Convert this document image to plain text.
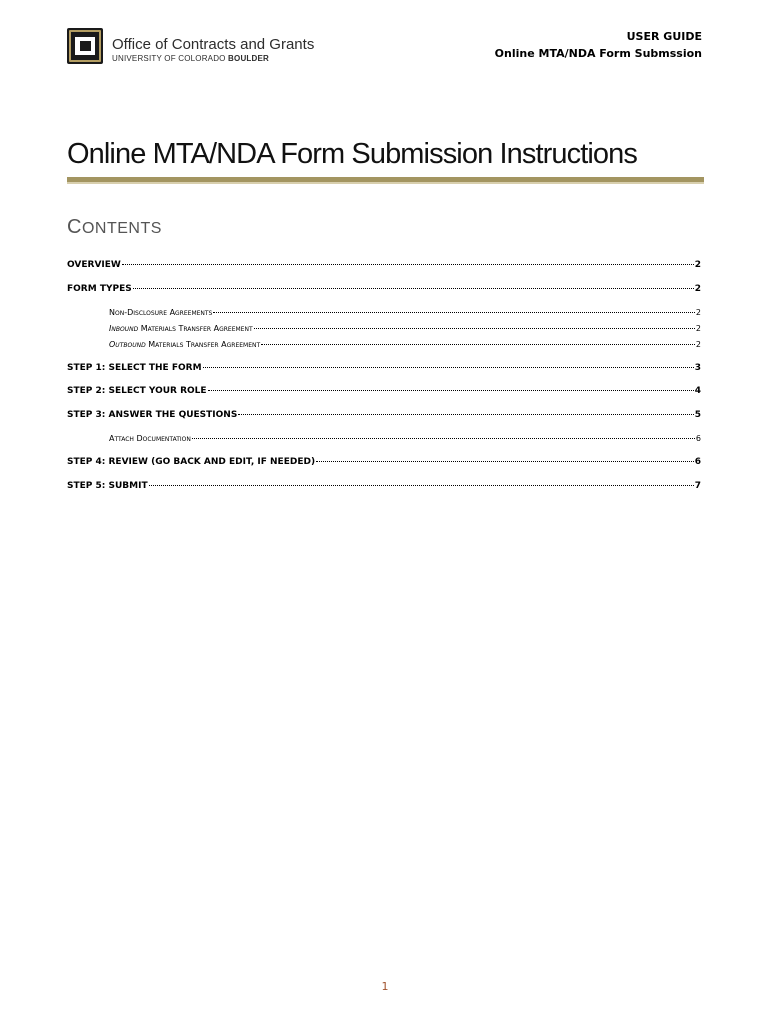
Office of Contracts and Grants
UNIVERSITY OF COLORADO BOULDER
USER GUIDE
Online MTA/NDA Form Submssion
Online MTA/NDA Form Submission Instructions
CONTENTS
OVERVIEW	2
FORM TYPES	2
Non-Disclosure Agreements	2
Inbound Materials Transfer Agreement	2
Outbound Materials Transfer Agreement	2
STEP 1: SELECT THE FORM	3
STEP 2: SELECT YOUR ROLE	4
STEP 3: ANSWER THE QUESTIONS	5
Attach Documentation	6
STEP 4: REVIEW (GO BACK AND EDIT, IF NEEDED)	6
STEP 5: SUBMIT	7
1
